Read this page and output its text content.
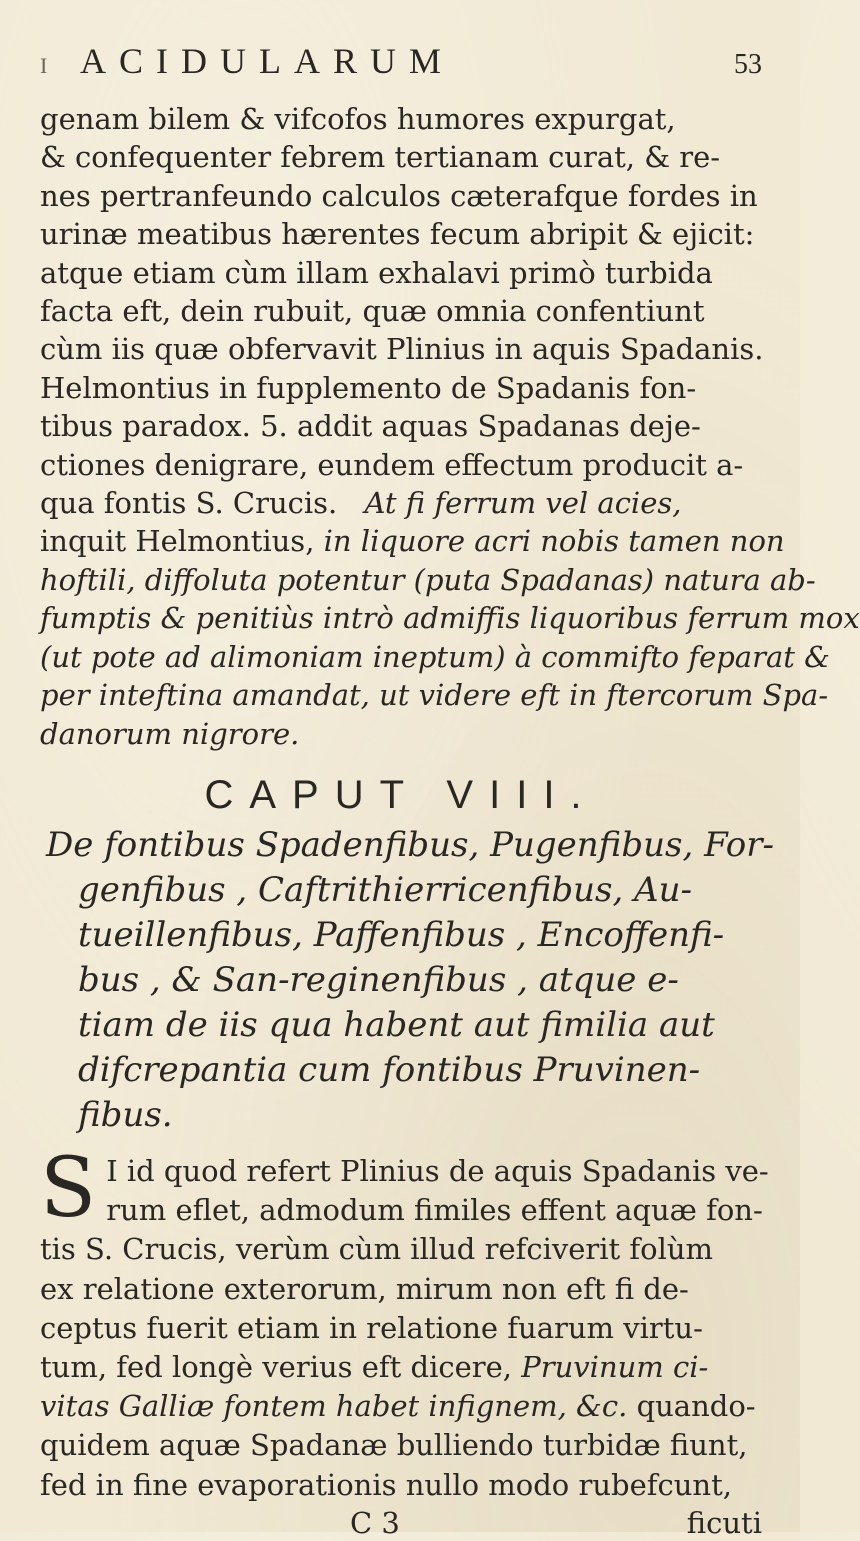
I ACIDULARUM	53
genam bilem & vifcofos humores expurgat,
& confequenter febrem tertianam curat, & re-
nes pertranfeundo calculos cæterafque fordes in
urinæ meatibus hærentes fecum abripit & ejicit:
atque etiam cùm illam exhalavi primò turbida
facta eft, dein rubuit, quæ omnia confentiunt
cùm iis quæ obfervavit Plinius in aquis Spadanis.
Helmontius in fupplemento de Spadanis fon-
tibus paradox. 5. addit aquas Spadanas deje-
ctiones denigrare, eundem effectum producit a-
qua fontis S. Crucis. At fi ferrum vel acies,
inquit Helmontius, in liquore acri nobis tamen non
hoftili, diffoluta potentur (puta Spadanas) natura ab-
fumptis & penitiùs intrò admiffis liquoribus ferrum mox
(ut pote ad alimoniam ineptum) à commifto feparat &
per inteftina amandat, ut videre eft in ftercorum Spa-
danorum nigrore.
CAPUT VIII.
De fontibus Spadenfibus, Pugenfibus, For-
genfibus , Caftrithierricenfibus, Au-
tueillenfibus, Paffenfibus , Encoffenfi-
bus , & San-reginenfibus , atque e-
tiam de iis qua habent aut fimilia aut
difcrepantia cum fontibus Pruvinen-
fibus.
S I id quod refert Plinius de aquis Spadanis ve-
rum eflet, admodum fimiles effent aquæ fon-
tis S. Crucis, verùm cùm illud refciverit folùm
ex relatione exterorum, mirum non eft fi de-
ceptus fuerit etiam in relatione fuarum virtu-
tum, fed longè verius eft dicere, Pruvinum ci-
vitas Galliæ fontem habet infignem, &c. quando-
quidem aquæ Spadanæ bulliendo turbidæ fiunt,
fed in fine evaporationis nullo modo rubefcunt,
C 3	ficuti
